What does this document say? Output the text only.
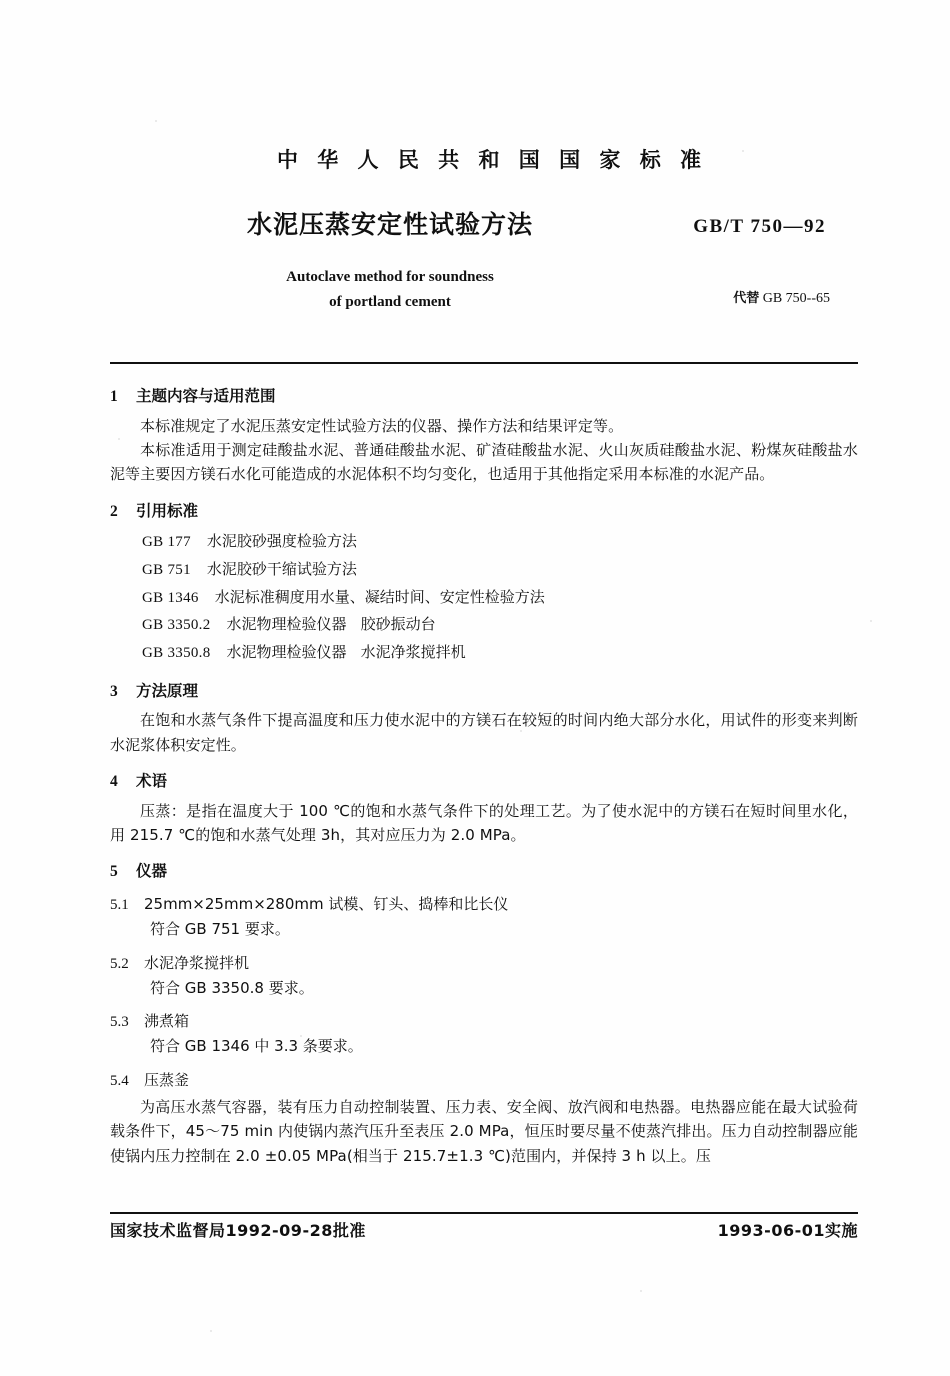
中 华 人 民 共 和 国 国 家 标 准
水泥压蒸安定性试验方法	GB/T 750—92
Autoclave method for soundness
of portland cement	代替 GB 750--65
1 主题内容与适用范围

本标准规定了水泥压蒸安定性试验方法的仪器、操作方法和结果评定等。

本标准适用于测定硅酸盐水泥、普通硅酸盐水泥、矿渣硅酸盐水泥、火山灰质硅酸盐水泥、粉煤灰硅酸盐水泥等主要因方镁石水化可能造成的水泥体积不均匀变化，也适用于其他指定采用本标准的水泥产品。

2 引用标准
GB 177 水泥胶砂强度检验方法
GB 751 水泥胶砂干缩试验方法
GB 1346 水泥标准稠度用水量、凝结时间、安定性检验方法
GB 3350.2 水泥物理检验仪器 胶砂振动台
GB 3350.8 水泥物理检验仪器 水泥净浆搅拌机
3 方法原理

在饱和水蒸气条件下提高温度和压力使水泥中的方镁石在较短的时间内绝大部分水化，用试件的形变来判断水泥浆体积安定性。

4 术语

压蒸：是指在温度大于 100 ℃的饱和水蒸气条件下的处理工艺。为了使水泥中的方镁石在短时间里水化，用 215.7 ℃的饱和水蒸气处理 3h，其对应压力为 2.0 MPa。

5 仪器
5.1 25mm×25mm×280mm 试模、钉头、捣棒和比长仪
符合 GB 751 要求。
5.2 水泥净浆搅拌机
符合 GB 3350.8 要求。
5.3 沸煮箱
符合 GB 1346 中 3.3 条要求。
5.4 压蒸釜

为高压水蒸气容器，装有压力自动控制装置、压力表、安全阀、放汽阀和电热器。电热器应能在最大试验荷载条件下，45～75 min 内使锅内蒸汽压升至表压 2.0 MPa，恒压时要尽量不使蒸汽排出。压力自动控制器应能使锅内压力控制在 2.0 ±0.05 MPa(相当于 215.7±1.3 ℃)范围内，并保持 3 h 以上。压

国家技术监督局1992-09-28批准	1993-06-01实施
